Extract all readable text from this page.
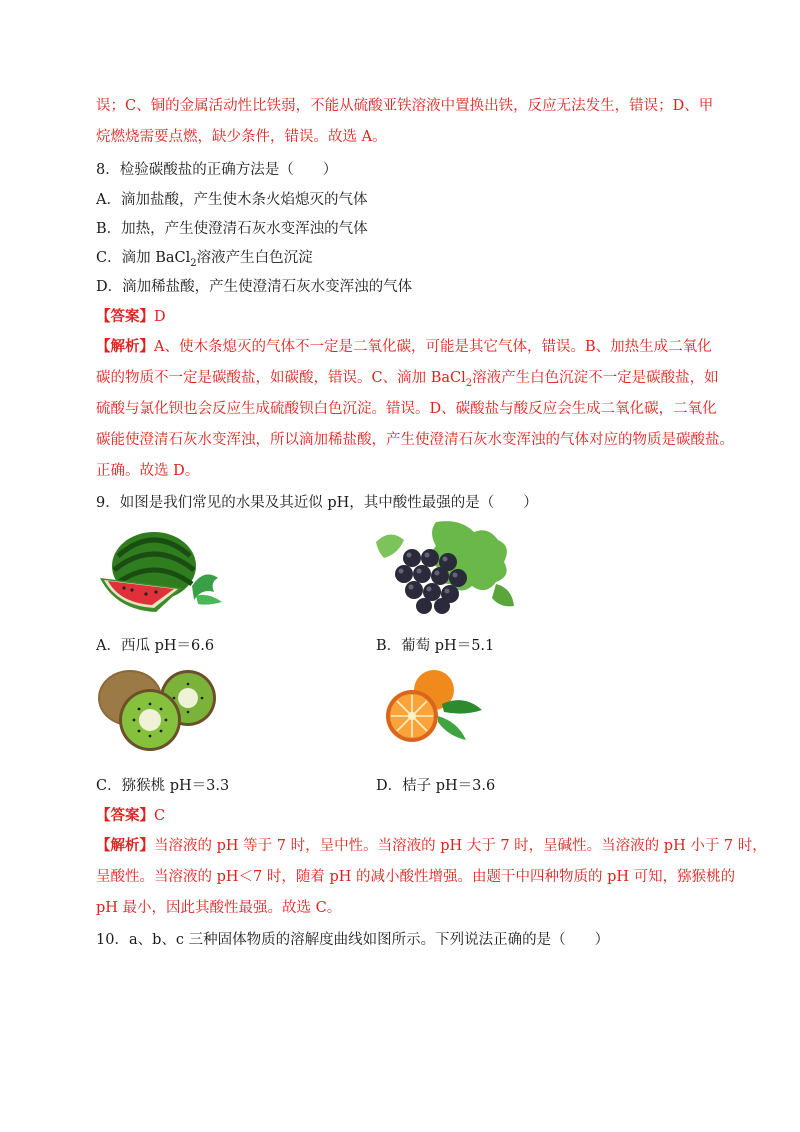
误；C、铜的金属活动性比铁弱，不能从硫酸亚铁溶液中置换出铁，反应无法发生，错误；D、甲
烷燃烧需要点燃，缺少条件，错误。故选 A。
8．检验碳酸盐的正确方法是（　　）
A．滴加盐酸，产生使木条火焰熄灭的气体
B．加热，产生使澄清石灰水变浑浊的气体
C．滴加 BaCl$_2$溶液产生白色沉淀
D．滴加稀盐酸，产生使澄清石灰水变浑浊的气体
【答案】D
【解析】A、使木条熄灭的气体不一定是二氧化碳，可能是其它气体，错误。B、加热生成二氧化
碳的物质不一定是碳酸盐，如碳酸，错误。C、滴加 BaCl$_2$溶液产生白色沉淀不一定是碳酸盐，如
硫酸与氯化钡也会反应生成硫酸钡白色沉淀。错误。D、碳酸盐与酸反应会生成二氧化碳，二氧化
碳能使澄清石灰水变浑浊，所以滴加稀盐酸，产生使澄清石灰水变浑浊的气体对应的物质是碳酸盐。
正确。故选 D。
9．如图是我们常见的水果及其近似 pH，其中酸性最强的是（　　）
A．西瓜 pH＝6.6	B．葡萄 pH＝5.1
C．猕猴桃 pH＝3.3	D．桔子 pH＝3.6
【答案】C
【解析】当溶液的 pH 等于 7 时，呈中性。当溶液的 pH 大于 7 时，呈碱性。当溶液的 pH 小于 7 时，
呈酸性。当溶液的 pH＜7 时，随着 pH 的减小酸性增强。由题干中四种物质的 pH 可知，猕猴桃的
pH 最小，因此其酸性最强。故选 C。
10．a、b、c 三种固体物质的溶解度曲线如图所示。下列说法正确的是（　　）
